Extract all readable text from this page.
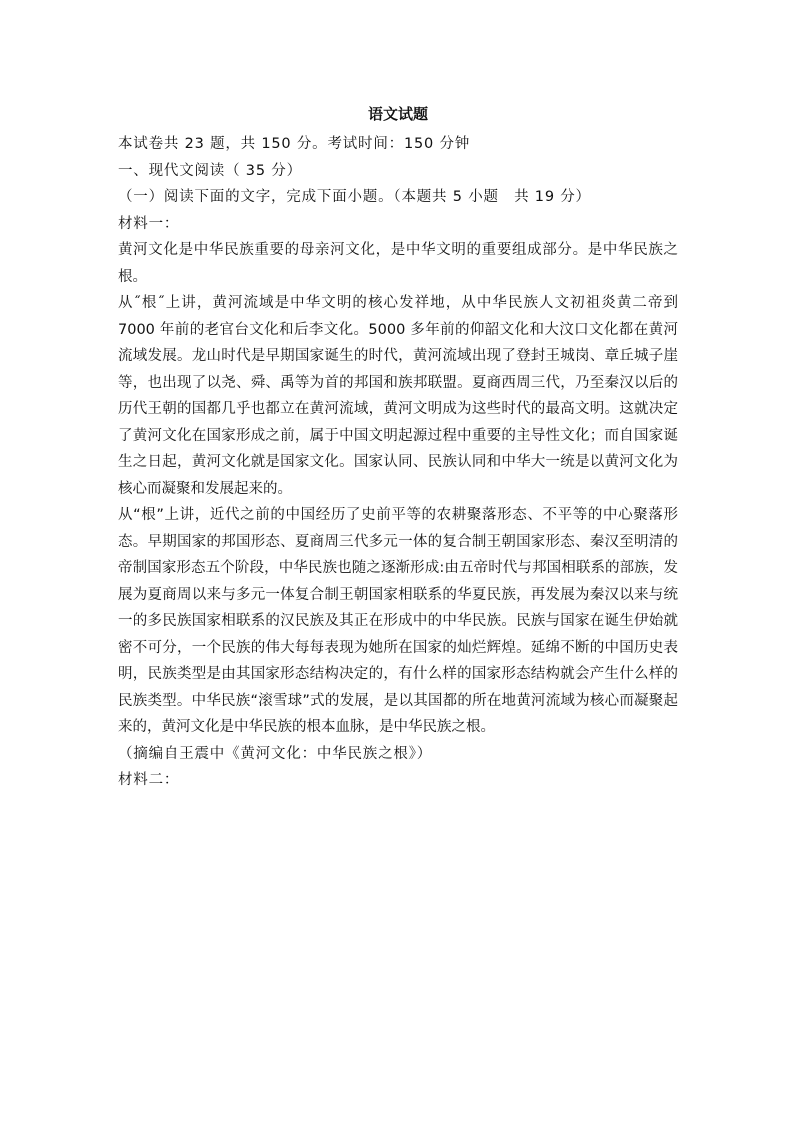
语文试题

本试卷共 23 题，共 150 分。考试时间：150 分钟

一、现代文阅读（ 35 分）

（一）阅读下面的文字，完成下面小题。（本题共 5 小题　共 19 分）

材料一：

黄河文化是中华民族重要的母亲河文化，是中华文明的重要组成部分。是中华民族之根。

从˝根˝上讲，黄河流域是中华文明的核心发祥地，从中华民族人文初祖炎黄二帝到 7000 年前的老官台文化和后李文化。5000 多年前的仰韶文化和大汶口文化都在黄河流域发展。龙山时代是早期国家诞生的时代，黄河流域出现了登封王城岗、章丘城子崖等，也出现了以尧、舜、禹等为首的邦国和族邦联盟。夏商西周三代，乃至秦汉以后的历代王朝的国都几乎也都立在黄河流域，黄河文明成为这些时代的最高文明。这就决定了黄河文化在国家形成之前，属于中国文明起源过程中重要的主导性文化；而自国家诞生之日起，黄河文化就是国家文化。国家认同、民族认同和中华大一统是以黄河文化为核心而凝聚和发展起来的。

从“根”上讲，近代之前的中国经历了史前平等的农耕聚落形态、不平等的中心聚落形态。早期国家的邦国形态、夏商周三代多元一体的复合制王朝国家形态、秦汉至明清的帝制国家形态五个阶段，中华民族也随之逐渐形成:由五帝时代与邦国相联系的部族，发展为夏商周以来与多元一体复合制王朝国家相联系的华夏民族，再发展为秦汉以来与统一的多民族国家相联系的汉民族及其正在形成中的中华民族。民族与国家在诞生伊始就密不可分，一个民族的伟大每每表现为她所在国家的灿烂辉煌。延绵不断的中国历史表明，民族类型是由其国家形态结构决定的，有什么样的国家形态结构就会产生什么样的民族类型。中华民族“滚雪球”式的发展，是以其国都的所在地黄河流域为核心而凝聚起来的，黄河文化是中华民族的根本血脉，是中华民族之根。

（摘编自王震中《黄河文化：中华民族之根》）

材料二：
